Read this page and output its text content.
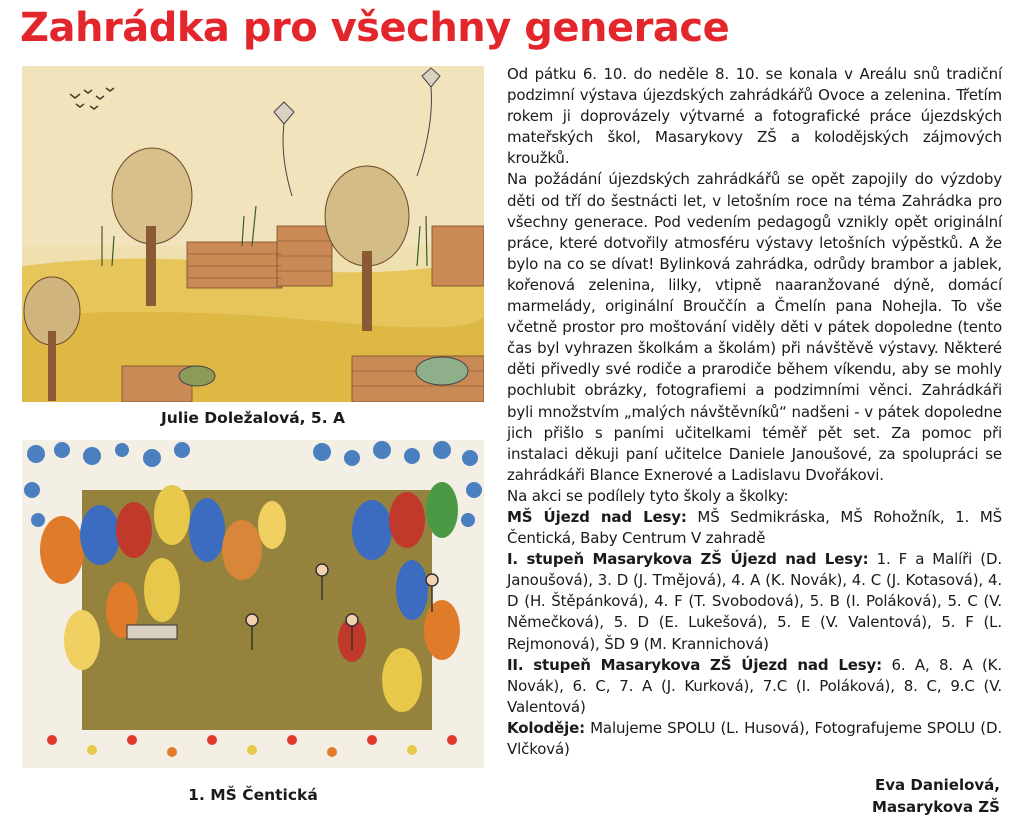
Zahrádka pro všechny generace
Julie Doležalová, 5. A
1. MŠ Čentická

Od pátku 6. 10. do neděle 8. 10. se konala v Areálu snů tradiční podzimní výstava újezdských zahrádkářů Ovoce a zelenina. Třetím rokem ji doprovázely výtvarné a fotografické práce újezdských mateřských škol, Masarykovy ZŠ a kolodějských zájmových kroužků.

Na požádání újezdských zahrádkářů se opět zapojily do výzdoby děti od tří do šestnácti let, v letošním roce na téma Zahrádka pro všechny generace. Pod vedením pedagogů vznikly opět originální práce, které dotvořily atmosféru výstavy letošních výpěstků. A že bylo na co se dívat! Bylinková zahrádka, odrůdy brambor a jablek, kořenová zelenina, lilky, vtipně naaranžované dýně, domácí marmelády, originální Brouččín a Čmelín pana Nohejla. To vše včetně prostor pro moštování viděly děti v pátek dopoledne (tento čas byl vyhrazen školkám a školám) při návštěvě výstavy. Některé děti přivedly své rodiče a prarodiče během víkendu, aby se mohly pochlubit obrázky, fotografiemi a podzimními věnci. Zahrádkáři byli množstvím „malých návštěvníků“ nadšeni - v pátek dopoledne jich přišlo s paními učitelkami téměř pět set. Za pomoc při instalaci děkuji paní učitelce Daniele Janoušové, za spolupráci se zahrádkáři Blance Exnerové a Ladislavu Dvořákovi.

Na akci se podílely tyto školy a školky:

MŠ Újezd nad Lesy: MŠ Sedmikráska, MŠ Rohožník, 1. MŠ Čentická, Baby Centrum V zahradě

I. stupeň Masarykova ZŠ Újezd nad Lesy: 1. F a Malíři (D. Janoušová), 3. D (J. Tmějová), 4. A (K. Novák), 4. C (J. Kotasová), 4. D (H. Štěpánková), 4. F (T. Svobodová), 5. B (I. Poláková), 5. C (V. Němečková), 5. D (E. Lukešová), 5. E (V. Valentová), 5. F (L. Rejmonová), ŠD 9 (M. Krannichová)

II. stupeň Masarykova ZŠ Újezd nad Lesy: 6. A, 8. A (K. Novák), 6. C, 7. A (J. Kurková), 7.C (I. Poláková), 8. C, 9.C (V. Valentová)

Koloděje: Malujeme SPOLU (L. Husová), Fotografujeme SPOLU (D. Vlčková)

Eva Danielová,
Masarykova ZŠ
